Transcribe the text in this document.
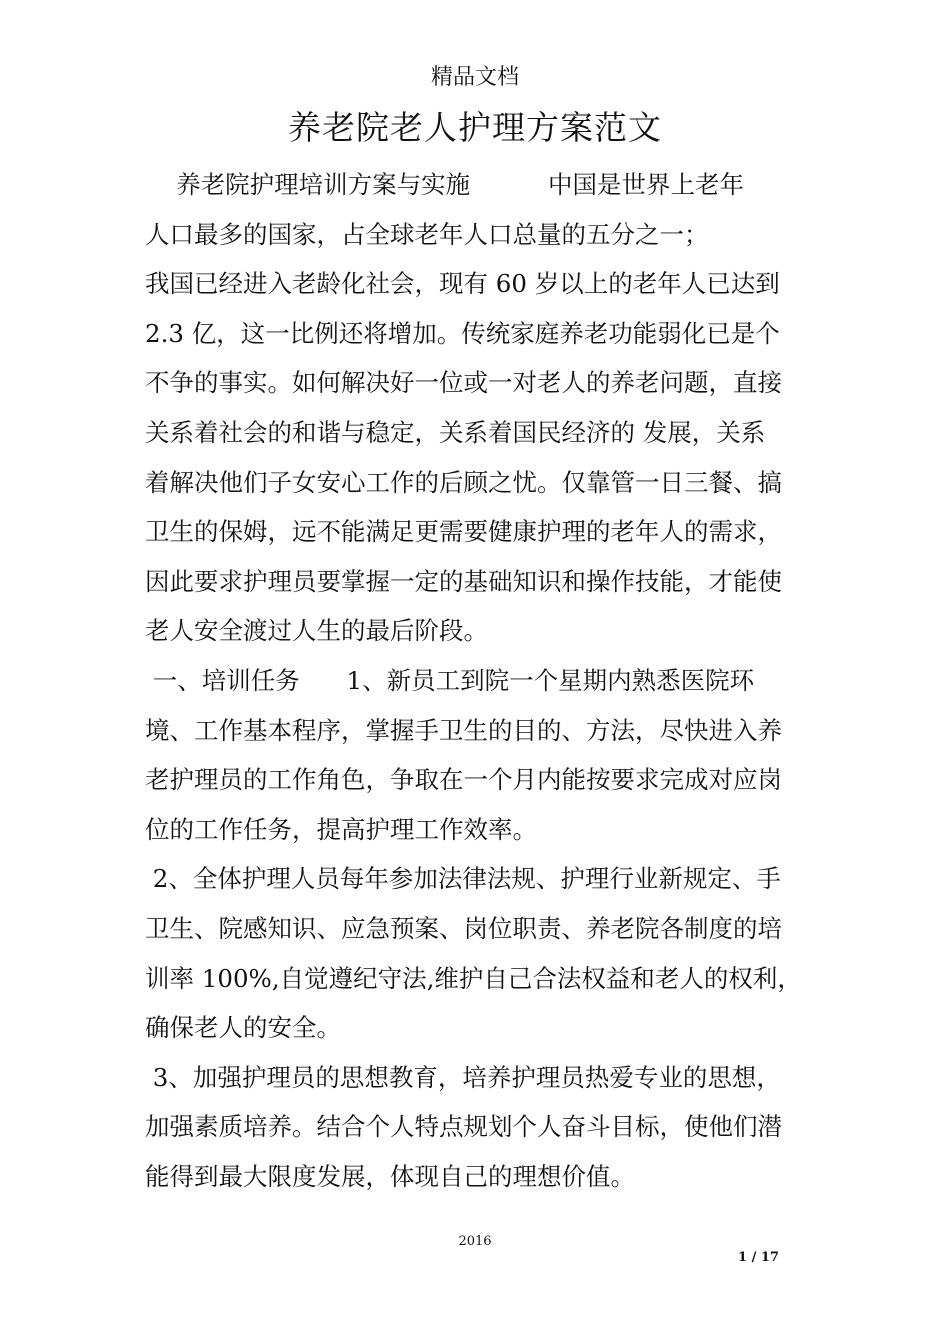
精品文档
养老院老人护理方案范文
养老院护理培训方案与实施          中国是世界上老年
人口最多的国家，占全球老年人口总量的五分之一；
我国已经进入老龄化社会，现有 60 岁以上的老年人已达到
2.3 亿，这一比例还将增加。传统家庭养老功能弱化已是个
不争的事实。如何解决好一位或一对老人的养老问题，直接
关系着社会的和谐与稳定，关系着国民经济的 发展，关系
着解决他们子女安心工作的后顾之忧。仅靠管一日三餐、搞
卫生的保姆，远不能满足更需要健康护理的老年人的需求，
因此要求护理员要掌握一定的基础知识和操作技能，才能使
老人安全渡过人生的最后阶段。
一、培训任务      1、新员工到院一个星期内熟悉医院环
境、工作基本程序，掌握手卫生的目的、方法，尽快进入养
老护理员的工作角色，争取在一个月内能按要求完成对应岗
位的工作任务，提高护理工作效率。
2、全体护理人员每年参加法律法规、护理行业新规定、手
卫生、院感知识、应急预案、岗位职责、养老院各制度的培
训率 100%,自觉遵纪守法,维护自己合法权益和老人的权利，
确保老人的安全。
3、加强护理员的思想教育，培养护理员热爱专业的思想，
加强素质培养。结合个人特点规划个人奋斗目标，使他们潜
能得到最大限度发展，体现自己的理想价值。
2016
1 / 17
